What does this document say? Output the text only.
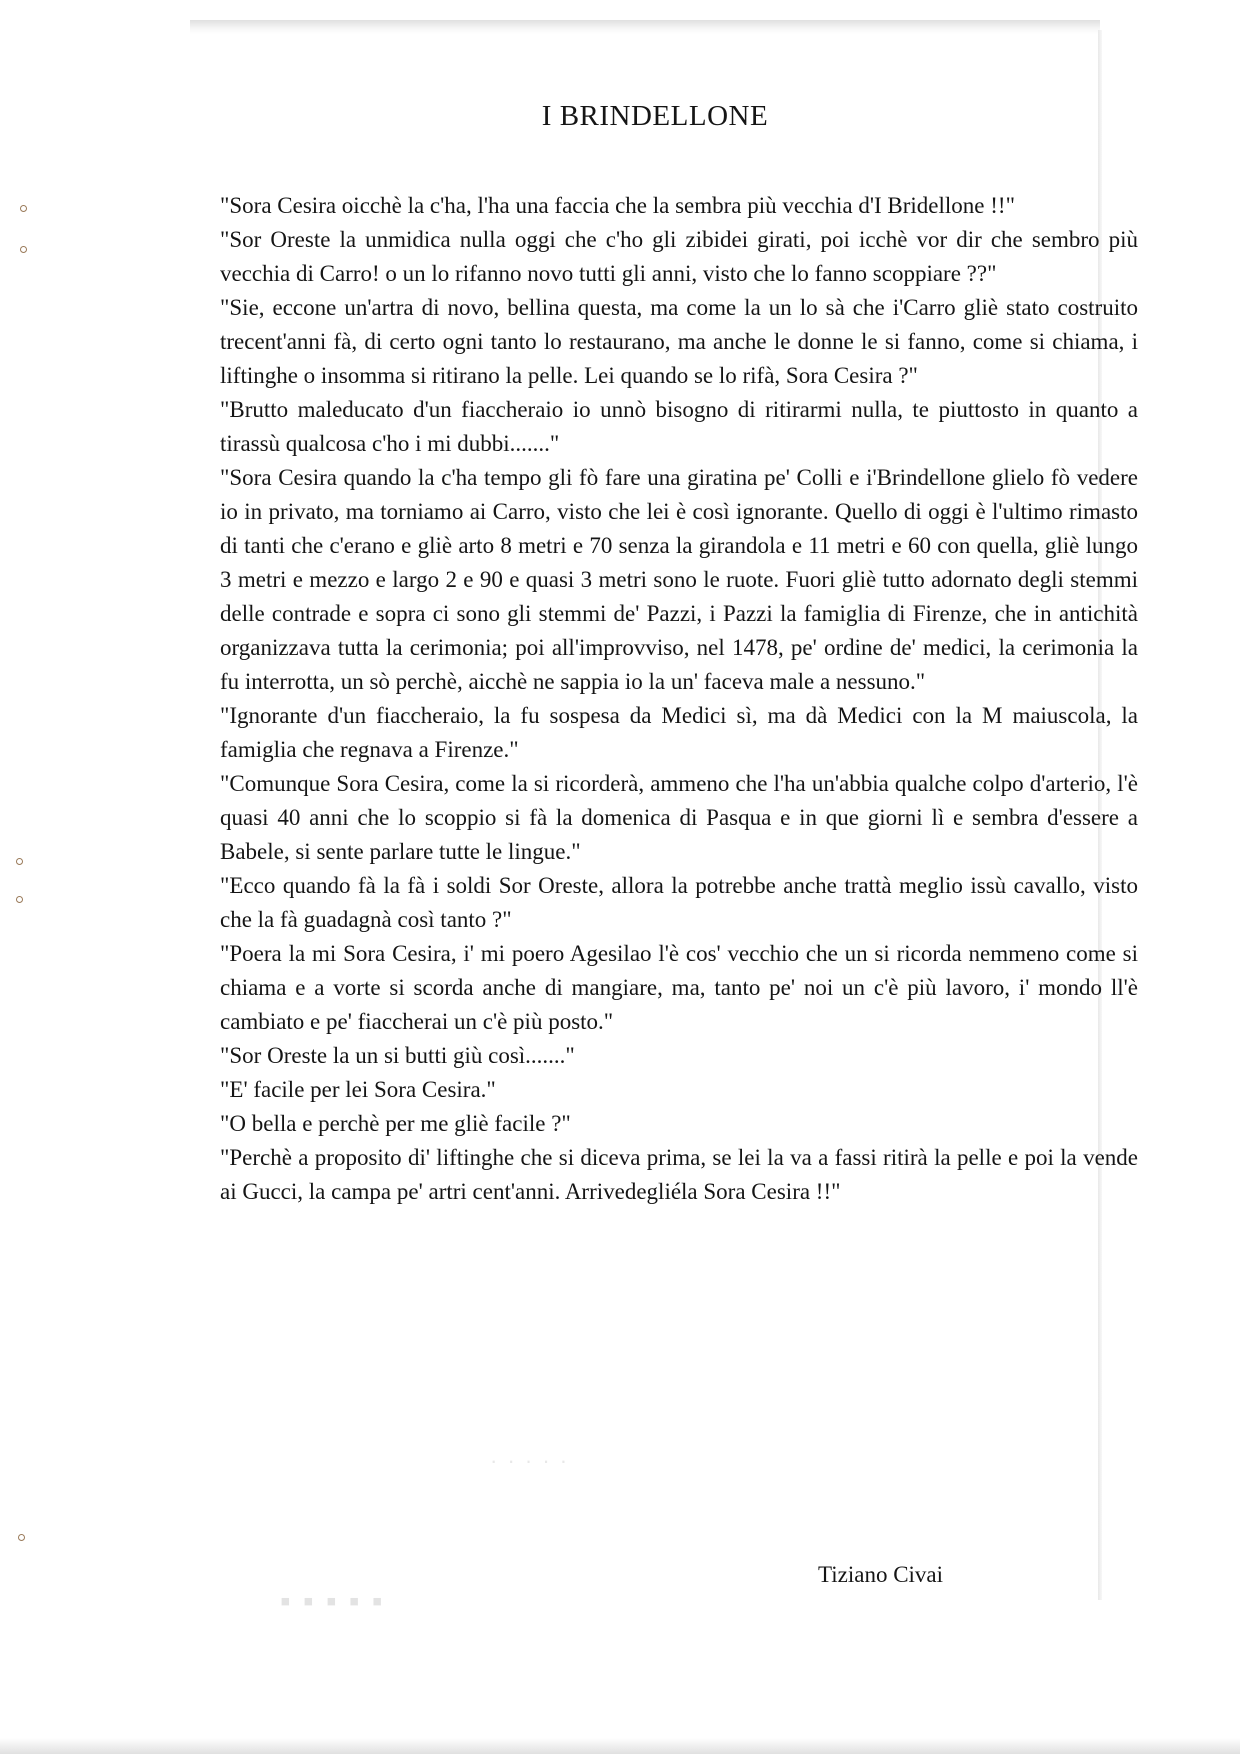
▪ ▪ ▪ ▪ ▪
· · · · ·
I BRINDELLONE

"Sora Cesira oicchè la c'ha, l'ha una faccia che la sembra più vecchia d'I Bridellone !!"

"Sor Oreste la unmidica nulla oggi che c'ho gli zibidei girati, poi icchè vor dir che sembro più vecchia di Carro! o un lo rifanno novo tutti gli anni, visto che lo fanno scoppiare ??"

"Sie, eccone un'artra di novo, bellina questa, ma come la un lo sà che i'Carro gliè stato costruito trecent'anni fà, di certo ogni tanto lo restaurano, ma anche le donne le si fanno, come si chiama, i liftinghe o insomma si ritirano la pelle. Lei quando se lo rifà, Sora Cesira ?"

"Brutto maleducato d'un fiaccheraio io unnò bisogno di ritirarmi nulla, te piuttosto in quanto a tirassù qualcosa c'ho i mi dubbi......."

"Sora Cesira quando la c'ha tempo gli fò fare una giratina pe' Colli e i'Brindellone glielo fò vedere io in privato, ma torniamo ai Carro, visto che lei è così ignorante. Quello di oggi è l'ultimo rimasto di tanti che c'erano e gliè arto 8 metri e 70 senza la girandola e 11 metri e 60 con quella, gliè lungo 3 metri e mezzo e largo 2 e 90 e quasi 3 metri sono le ruote. Fuori gliè tutto adornato degli stemmi delle contrade e sopra ci sono gli stemmi de' Pazzi, i Pazzi la famiglia di Firenze, che in antichità organizzava tutta la cerimonia; poi all'improvviso, nel 1478, pe' ordine de' medici, la cerimonia la fu interrotta, un sò perchè, aicchè ne sappia io la un' faceva male a nessuno."

"Ignorante d'un fiaccheraio, la fu sospesa da Medici sì, ma dà Medici con la M maiuscola, la famiglia che regnava a Firenze."

"Comunque Sora Cesira, come la si ricorderà, ammeno che l'ha un'abbia qualche colpo d'arterio, l'è quasi 40 anni che lo scoppio si fà la domenica di Pasqua e in que giorni lì e sembra d'essere a Babele, si sente parlare tutte le lingue."

"Ecco quando fà la fà i soldi Sor Oreste, allora la potrebbe anche trattà meglio issù cavallo, visto che la fà guadagnà così tanto ?"

"Poera la mi Sora Cesira, i' mi poero Agesilao l'è cos' vecchio che un si ricorda nemmeno come si chiama e a vorte si scorda anche di mangiare, ma, tanto pe' noi un c'è più lavoro, i' mondo ll'è cambiato e pe' fiaccherai un c'è più posto."

"Sor Oreste la un si butti giù così......."

"E' facile per lei Sora Cesira."

"O bella e perchè per me gliè facile ?"

"Perchè a proposito di' liftinghe che si diceva prima, se lei la va a fassi ritirà la pelle e poi la vende ai Gucci, la campa pe' artri cent'anni. Arrivedegliéla Sora Cesira !!"

Tiziano Civai
